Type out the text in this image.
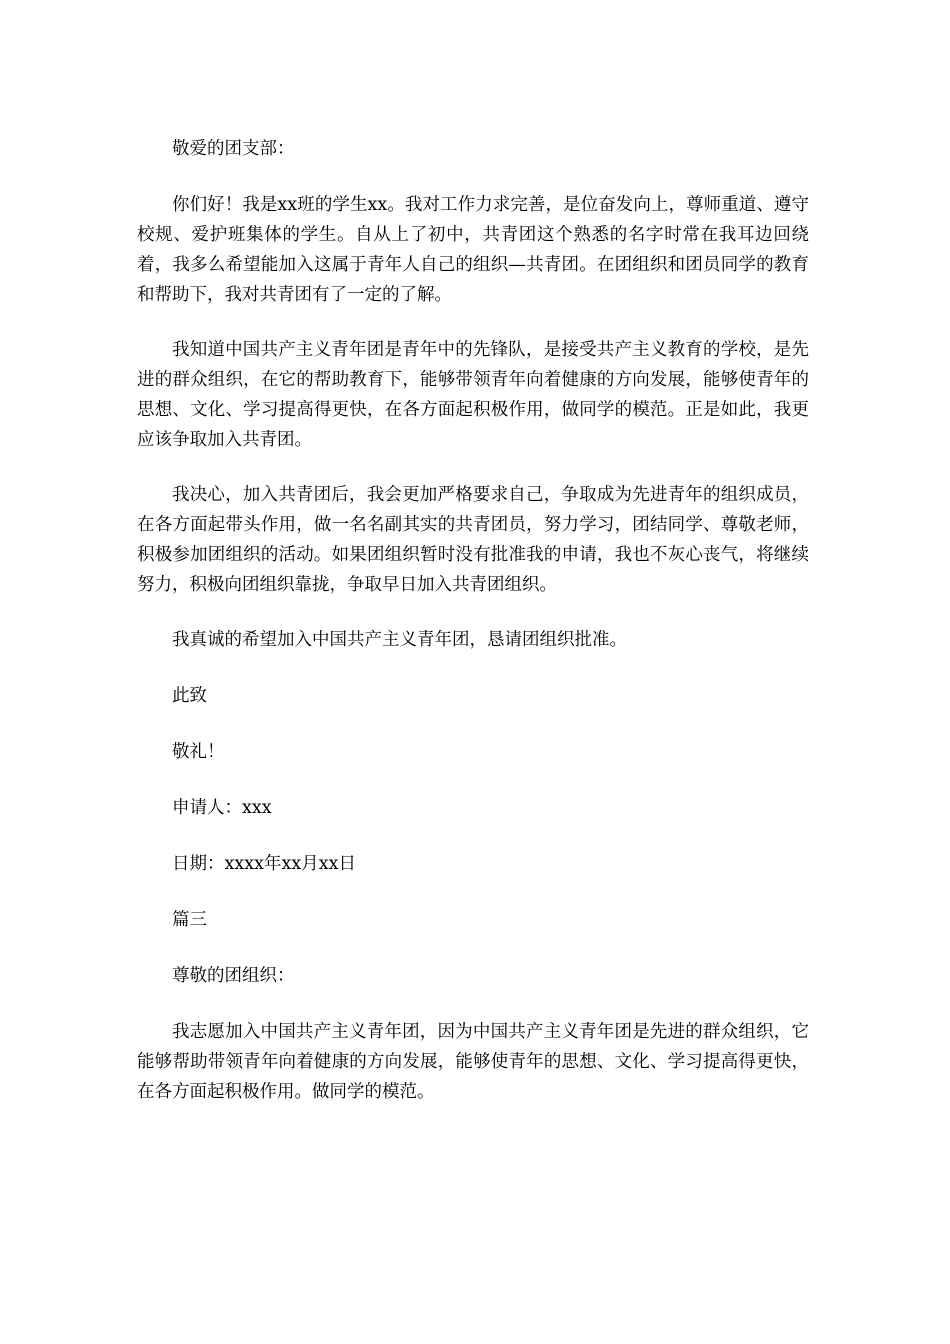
敬爱的团支部：

你们好！我是xx班的学生xx。我对工作力求完善，是位奋发向上，尊师重道、遵守校规、爱护班集体的学生。自从上了初中，共青团这个熟悉的名字时常在我耳边回绕着，我多么希望能加入这属于青年人自己的组织—共青团。在团组织和团员同学的教育和帮助下，我对共青团有了一定的了解。

我知道中国共产主义青年团是青年中的先锋队，是接受共产主义教育的学校，是先进的群众组织，在它的帮助教育下，能够带领青年向着健康的方向发展，能够使青年的思想、文化、学习提高得更快，在各方面起积极作用，做同学的模范。正是如此，我更应该争取加入共青团。

我决心，加入共青团后，我会更加严格要求自己，争取成为先进青年的组织成员，在各方面起带头作用，做一名名副其实的共青团员，努力学习，团结同学、尊敬老师，积极参加团组织的活动。如果团组织暂时没有批准我的申请，我也不灰心丧气，将继续努力，积极向团组织靠拢，争取早日加入共青团组织。

我真诚的希望加入中国共产主义青年团，恳请团组织批准。

此致

敬礼！

申请人：xxx

日期：xxxx年xx月xx日

篇三

尊敬的团组织：

我志愿加入中国共产主义青年团，因为中国共产主义青年团是先进的群众组织，它能够帮助带领青年向着健康的方向发展，能够使青年的思想、文化、学习提高得更快，在各方面起积极作用。做同学的模范。
